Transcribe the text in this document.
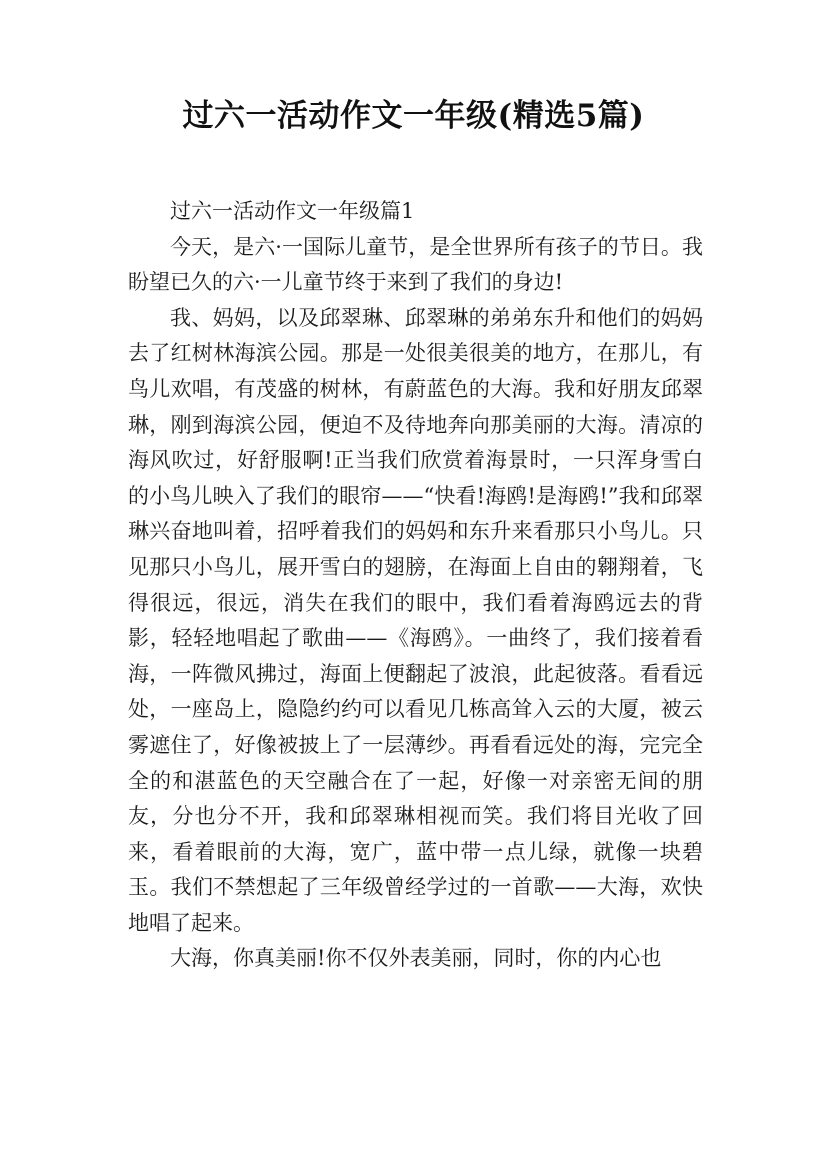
过六一活动作文一年级(精选5篇)

过六一活动作文一年级篇1

今天，是六·一国际儿童节，是全世界所有孩子的节日。我盼望已久的六·一儿童节终于来到了我们的身边!

我、妈妈，以及邱翠琳、邱翠琳的弟弟东升和他们的妈妈去了红树林海滨公园。那是一处很美很美的地方，在那儿，有鸟儿欢唱，有茂盛的树林，有蔚蓝色的大海。我和好朋友邱翠琳，刚到海滨公园，便迫不及待地奔向那美丽的大海。清凉的海风吹过，好舒服啊!正当我们欣赏着海景时，一只浑身雪白的小鸟儿映入了我们的眼帘——“快看!海鸥!是海鸥!”我和邱翠琳兴奋地叫着，招呼着我们的妈妈和东升来看那只小鸟儿。只见那只小鸟儿，展开雪白的翅膀，在海面上自由的翱翔着，飞得很远，很远，消失在我们的眼中，我们看着海鸥远去的背影，轻轻地唱起了歌曲——《海鸥》。一曲终了，我们接着看海，一阵微风拂过，海面上便翻起了波浪，此起彼落。看看远处，一座岛上，隐隐约约可以看见几栋高耸入云的大厦，被云雾遮住了，好像被披上了一层薄纱。再看看远处的海，完完全全的和湛蓝色的天空融合在了一起，好像一对亲密无间的朋友，分也分不开，我和邱翠琳相视而笑。我们将目光收了回来，看着眼前的大海，宽广，蓝中带一点儿绿，就像一块碧玉。我们不禁想起了三年级曾经学过的一首歌——大海，欢快地唱了起来。

大海，你真美丽!你不仅外表美丽，同时，你的内心也
